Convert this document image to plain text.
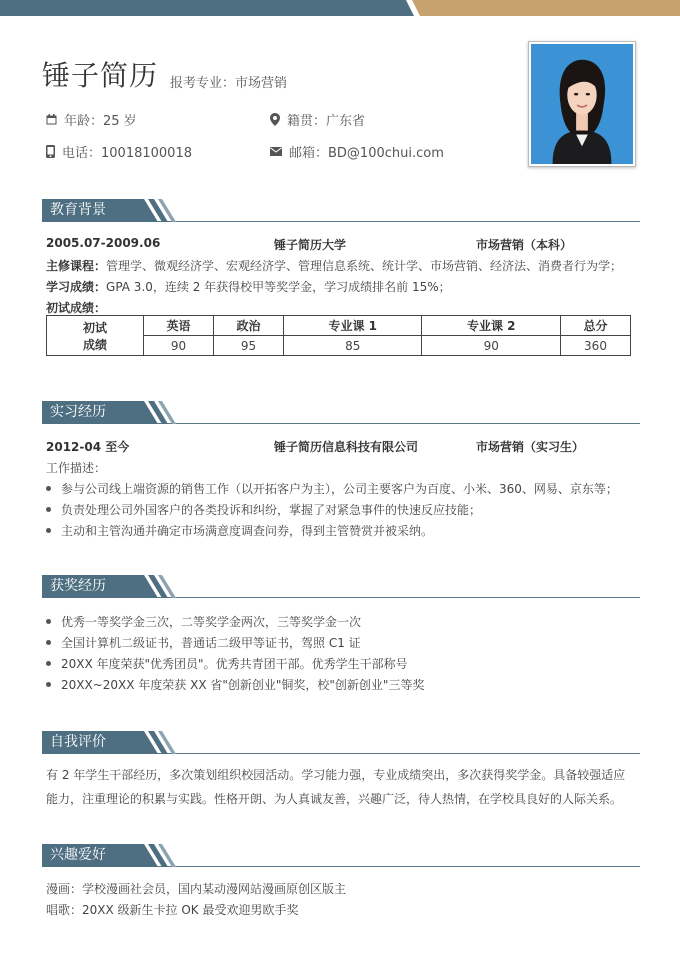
锤子简历 报考专业：市场营销
年龄：25 岁	籍贯：广东省
电话：10018100018	邮箱：BD@100chui.com
教育背景
2005.07-2009.06	锤子简历大学	市场营销（本科）
主修课程：管理学、微观经济学、宏观经济学、管理信息系统、统计学、市场营销、经济法、消费者行为学；
学习成绩：GPA 3.0，连续 2 年获得校甲等奖学金，学习成绩排名前 15%；
初试成绩：
初试
成绩	英语	政治	专业课 1	专业课 2	总分
	90	95	85	90	360
实习经历
2012-04 至今	锤子简历信息科技有限公司	市场营销（实习生）
工作描述：
参与公司线上端资源的销售工作（以开拓客户为主），公司主要客户为百度、小米、360、网易、京东等；
负责处理公司外国客户的各类投诉和纠纷，掌握了对紧急事件的快速反应技能；
主动和主管沟通并确定市场满意度调查问券，得到主管赞赏并被采纳。
获奖经历
优秀一等奖学金三次，二等奖学金两次，三等奖学金一次
全国计算机二级证书，普通话二级甲等证书，驾照 C1 证
20XX 年度荣获"优秀团员"。优秀共青团干部。优秀学生干部称号
20XX~20XX 年度荣获 XX 省"创新创业"铜奖，校"创新创业"三等奖
自我评价
有 2 年学生干部经历，多次策划组织校园活动。学习能力强，专业成绩突出，多次获得奖学金。具备较强适应能力，注重理论的积累与实践。性格开朗、为人真诚友善，兴趣广泛，待人热情，在学校具良好的人际关系。
兴趣爱好
漫画：学校漫画社会员，国内某动漫网站漫画原创区版主
唱歌：20XX 级新生卡拉 OK 最受欢迎男欧手奖
